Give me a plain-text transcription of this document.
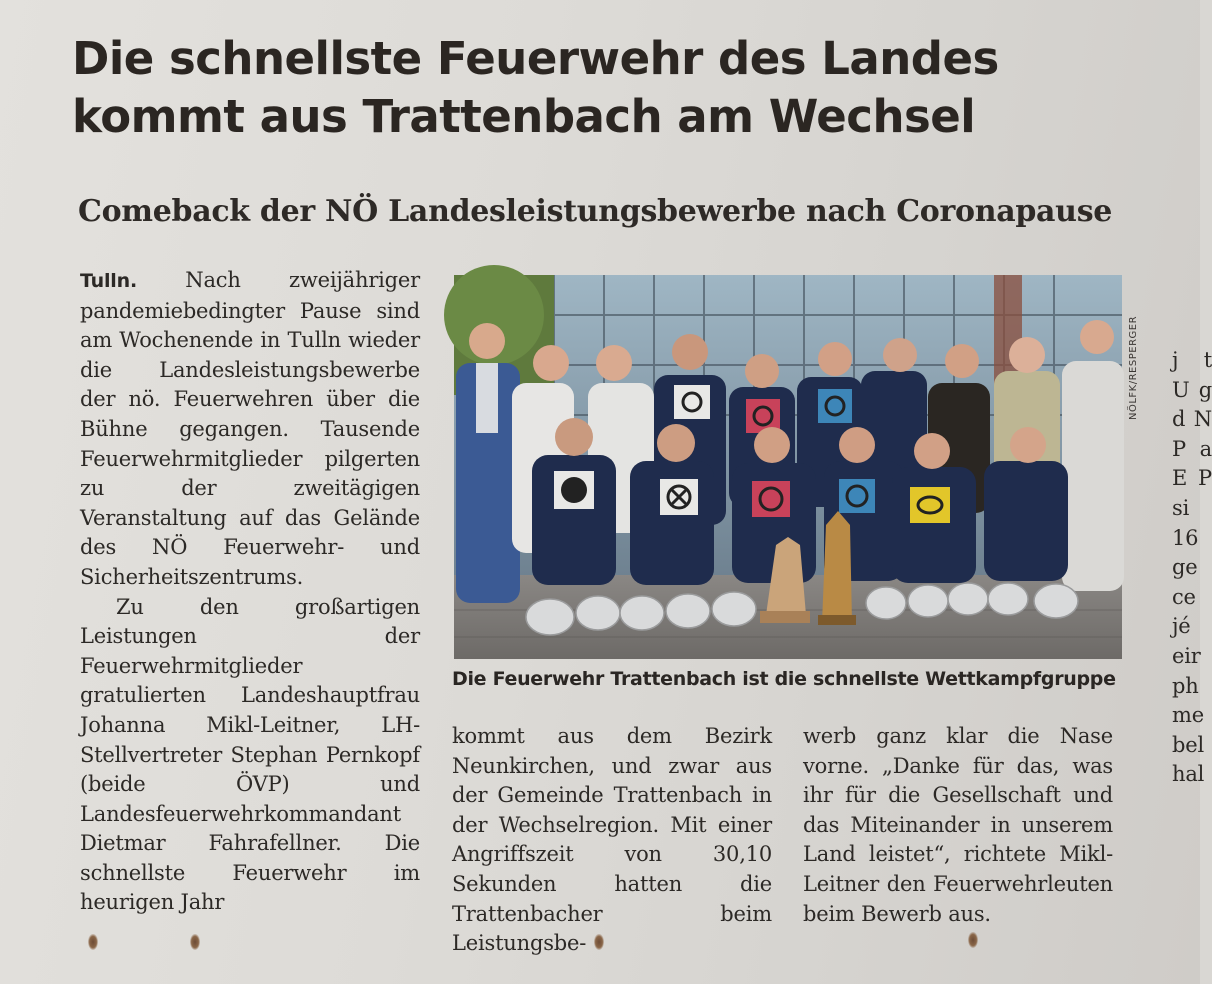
Die schnellste Feuerwehr des Landes
kommt aus Trattenbach am Wechsel
Comeback der NÖ Landesleistungsbewerbe nach Coronapause

Tulln. Nach zweijähriger pandemiebedingter Pause sind am Wochenende in Tulln wieder die Landesleistungsbewerbe der nö. Feuerwehren über die Bühne gegangen. Tausende Feuerwehrmitglieder pilgerten zu der zweitägigen Veranstaltung auf das Gelände des NÖ Feuerwehr- und Sicherheitszentrums.

Zu den großartigen Leistungen der Feuerwehrmitglieder gratulierten Landeshauptfrau Johanna Mikl-Leitner, LH-Stellvertreter Stephan Pernkopf (beide ÖVP) und Landesfeuerwehrkommandant Dietmar Fahrafellner. Die schnellste Feuerwehr im heurigen Jahr

NÖLFK/RESPERGER
Die Feuerwehr Trattenbach ist die schnellste Wettkampfgruppe

kommt aus dem Bezirk Neunkirchen, und zwar aus der Gemeinde Trattenbach in der Wechselregion. Mit einer Angriffszeit von 30,10 Sekunden hatten die Trattenbacher beim Leistungsbe-

werb ganz klar die Nase vorne. „Danke für das, was ihr für die Gesellschaft und das Miteinander in unserem Land leistet“, richtete Mikl-Leitner den Feuerwehrleuten beim Bewerb aus.

j t U g d N P a E P si 16 ge ce jé eir ph me bel hal
